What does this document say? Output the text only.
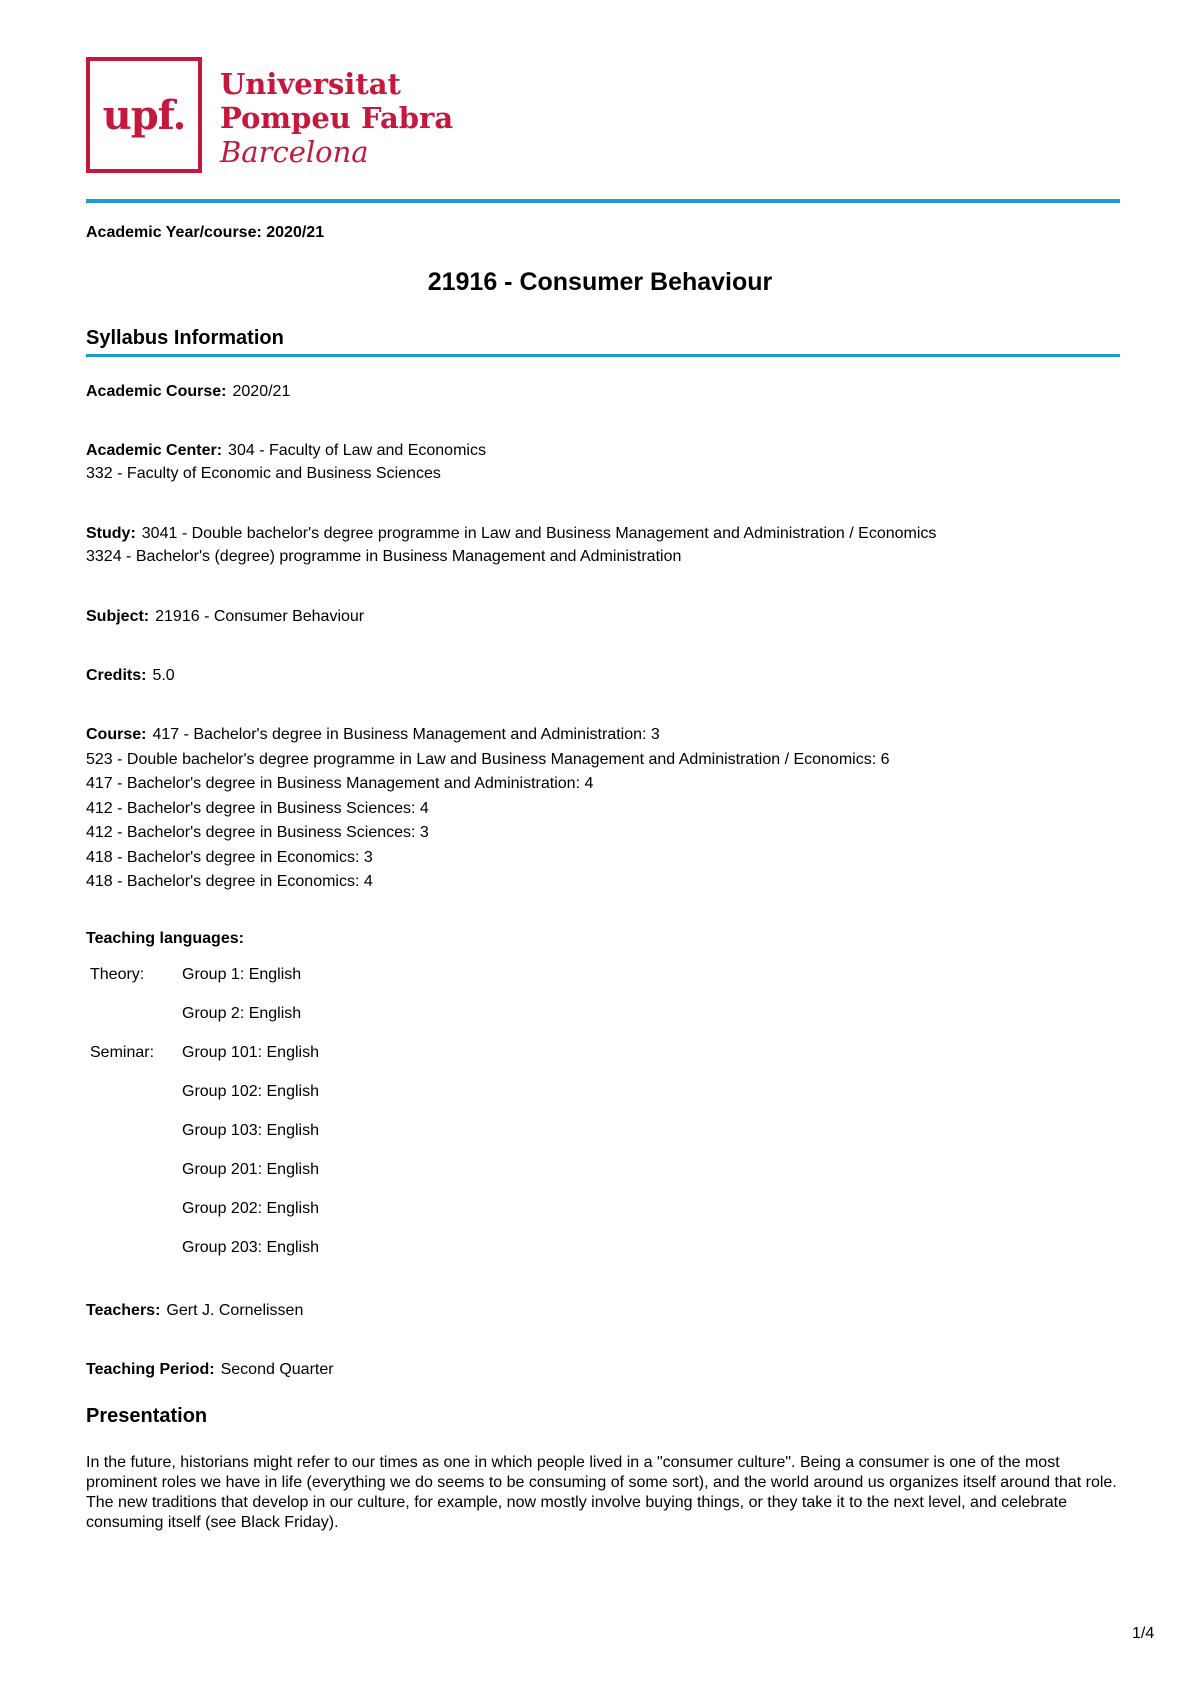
upf.
Universitat
Pompeu Fabra
Barcelona
Academic Year/course: 2020/21
21916 - Consumer Behaviour
Syllabus Information
Academic Course: 2020/21
Academic Center: 304 - Faculty of Law and Economics
332 - Faculty of Economic and Business Sciences
Study: 3041 - Double bachelor's degree programme in Law and Business Management and Administration / Economics
3324 - Bachelor's (degree) programme in Business Management and Administration
Subject: 21916 - Consumer Behaviour
Credits: 5.0
Course: 417 - Bachelor's degree in Business Management and Administration: 3
523 - Double bachelor's degree programme in Law and Business Management and Administration / Economics: 6
417 - Bachelor's degree in Business Management and Administration: 4
412 - Bachelor's degree in Business Sciences: 4
412 - Bachelor's degree in Business Sciences: 3
418 - Bachelor's degree in Economics: 3
418 - Bachelor's degree in Economics: 4
Teaching languages:
Theory:	Group 1: English
	Group 2: English
Seminar:	Group 101: English
	Group 102: English
	Group 103: English
	Group 201: English
	Group 202: English
	Group 203: English
Teachers: Gert J. Cornelissen
Teaching Period: Second Quarter
Presentation
In the future, historians might refer to our times as one in which people lived in a "consumer culture". Being a consumer is one of the most prominent roles we have in life (everything we do seems to be consuming of some sort), and the world around us organizes itself around that role. The new traditions that develop in our culture, for example, now mostly involve buying things, or they take it to the next level, and celebrate consuming itself (see Black Friday).
1/4
